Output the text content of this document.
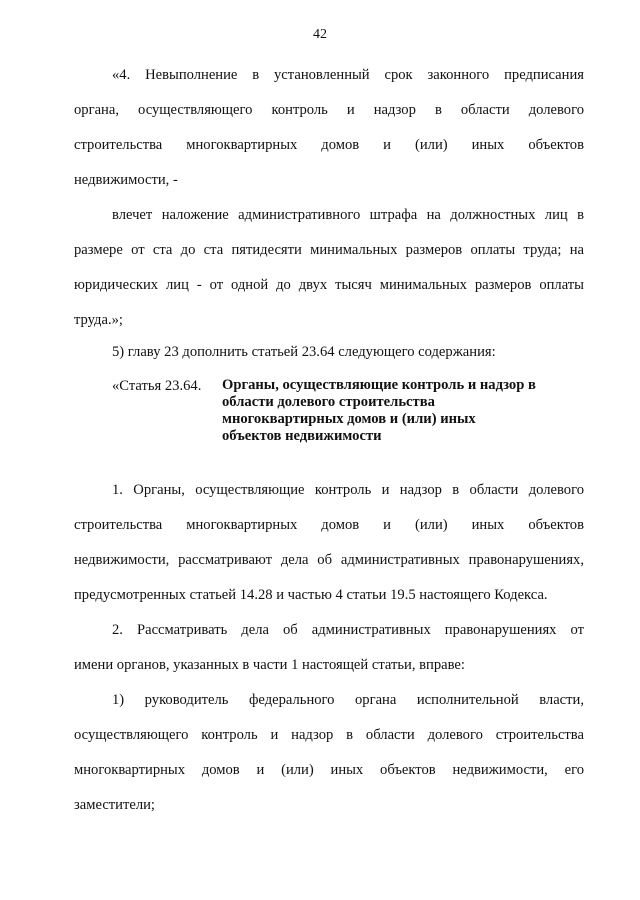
42
«4. Невыполнение в установленный срок законного предписания
органа, осуществляющего контроль и надзор в области долевого
строительства многоквартирных домов и (или) иных объектов
недвижимости, -
влечет наложение административного штрафа на должностных лиц в
размере от ста до ста пятидесяти минимальных размеров оплаты труда; на
юридических лиц - от одной до двух тысяч минимальных размеров оплаты
труда.»;
5) главу 23 дополнить статьей 23.64 следующего содержания:
«Статья 23.64. Органы, осуществляющие контроль и надзор в
области долевого строительства
многоквартирных домов и (или) иных
объектов недвижимости
1. Органы, осуществляющие контроль и надзор в области долевого
строительства многоквартирных домов и (или) иных объектов
недвижимости, рассматривают дела об административных правонарушениях,
предусмотренных статьей 14.28 и частью 4 статьи 19.5 настоящего Кодекса.
2. Рассматривать дела об административных правонарушениях от
имени органов, указанных в части 1 настоящей статьи, вправе:
1) руководитель федерального органа исполнительной власти,
осуществляющего контроль и надзор в области долевого строительства
многоквартирных домов и (или) иных объектов недвижимости, его
заместители;
